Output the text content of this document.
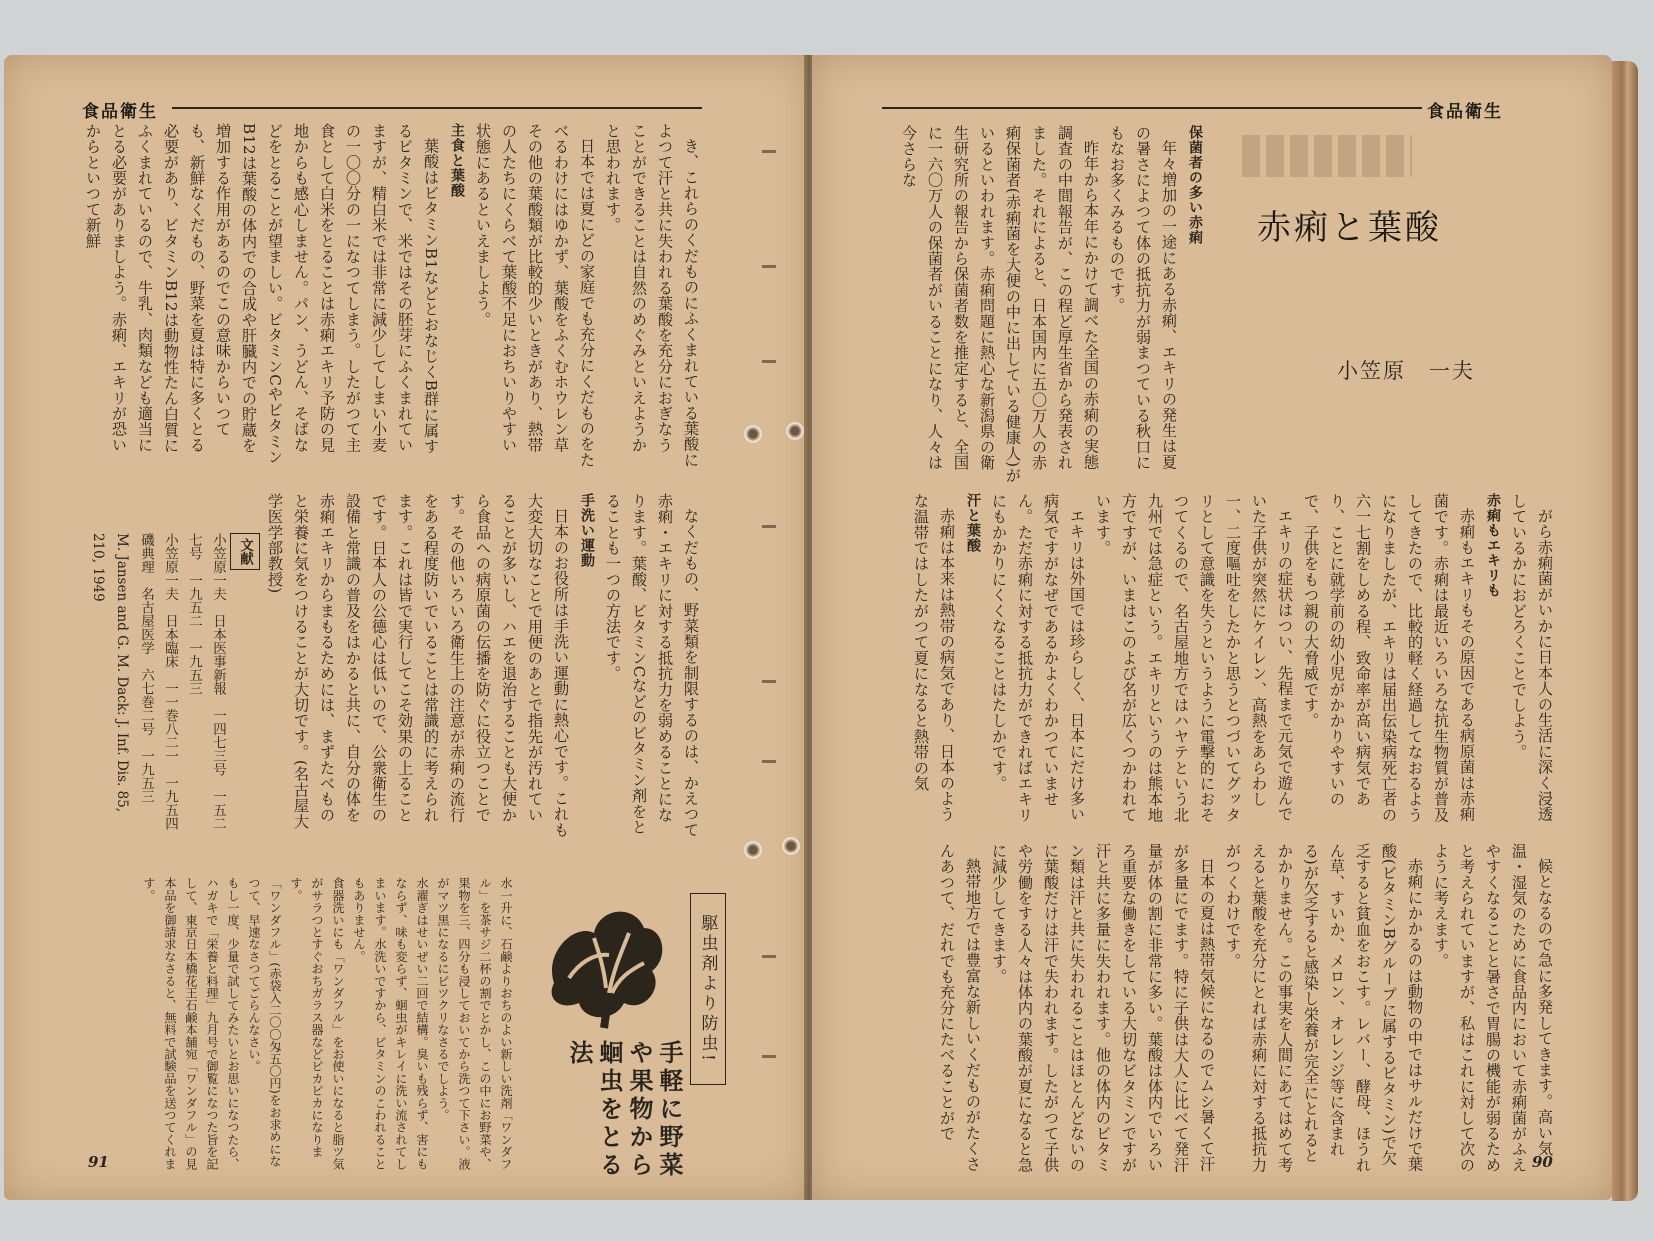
食品衛生

き、これらのくだものにふくまれている葉酸によつて汗と共に失われる葉酸を充分におぎなうことができることは自然のめぐみといえようかと思われます。

日本では夏にどの家庭でも充分にくだものをたべるわけにはゆかず、葉酸をふくむホウレン草その他の葉酸類が比較的少いときがあり、熱帯の人たちにくらべて葉酸不足におちいりやすい状態にあるといえましよう。

主食と葉酸

葉酸はビタミンB1などとおなじくB群に属するビタミンで、米ではその胚芽にふくまれていますが、精白米では非常に減少してしまい小麦の一〇〇分の一になつてしまう。したがつて主食として白米をとることは赤痢エキリ予防の見地からも感心しません。パン、うどん、そばなどをとることが望ましい。ビタミンCやビタミンB12は葉酸の体内での合成や肝臓内での貯蔵を増加する作用があるのでこの意味からいつても、新鮮なくだもの、野菜を夏は特に多くとる必要があり、ビタミンB12は動物性たん白質にふくまれているので、牛乳、肉類なども適当にとる必要がありましよう。赤痢、エキリが恐いからといつて新鮮

なくだもの、野菜類を制限するのは、かえつて赤痢・エキリに対する抵抗力を弱めることになります。葉酸、ビタミンCなどのビタミン剤をとることも一つの方法です。

手洗い運動

日本のお役所は手洗い運動に熱心です。これも大変大切なことで用便のあとで指先が汚れていることが多いし、ハエを退治することも大便から食品への病原菌の伝播を防ぐに役立つことです。その他いろいろ衛生上の注意が赤痢の流行をある程度防いでいることは常識的に考えられます。これは皆で実行してこそ効果の上ることです。日本人の公德心は低いので、公衆衛生の設備と常識の普及をはかると共に、自分の体を赤痢エキリからまもるためには、まずたべものと栄養に気をつけることが大切です。(名古屋大学医学部教授)

文献
小笠原一夫　日本医事新報　一四七三号　一五二七号　一九五二　一九五三
小笠原一夫　日本臨床　一一巻八二一　一九五四
磯典理　名古屋医学　六七巻二号　一九五三
M. Jansen and G. M. Dack: J. Inf. Dis. 85, 210, 1949
駆虫剤より防虫!
手軽に野菜や果物から蛔虫をとる法

水一升に、石鹸よりおちのよい新しい洗剤「ワンダフル」を茶サジ二杯の割でとかし、この中にお野菜や、果物を三、四分も浸しておいてから洗つて下さい。液がマツ黒になるにビツクリなさるでしよう。

水濯ぎはせいぜい二回で結構。臭いも残らず、害にもならず、味も変らず、蛔虫がキレイに洗い流されてしまいます。水洗いですから、ビタミンのこわれることもありません。

食器洗いにも「ワンダフル」をお使いになると脂ツ気がサラつとすぐおちガラス器などピカピカになります。

「ワンダフル」(赤袋入二〇〇匁五〇円)をお求めになつて、早速なさつてごらんなさい。

もし一度、少量で試してみたいとお思いになつたら、ハガキで「栄養と料理」九月号で御覧になつた旨を記して、東京日本橋花王石鹸本舗宛「ワンダフル」の見本品を御請求なさると、無料で試験品を送つてくれます。

91
食品衛生
赤痢と葉酸
小笠原　一夫
保菌者の多い赤痢

年々増加の一途にある赤痢、エキリの発生は夏の暑さによつて体の抵抗力が弱まつている秋口にもなお多くみるものです。

昨年から本年にかけて調べた全国の赤痢の実態調査の中間報告が、この程ど厚生省から発表されました。それによると、日本国内に五〇万人の赤痢保菌者(赤痢菌を大便の中に出している健康人)がいるといわれます。赤痢問題に熱心な新潟県の衛生研究所の報告から保菌者数を推定すると、全国に一六〇万人の保菌者がいることになり、人々は今さらな

がら赤痢菌がいかに日本人の生活に深く浸透しているかにおどろくことでしよう。

赤痢もエキリも

赤痢もエキリもその原因である病原菌は赤痢菌です。赤痢は最近いろいろな抗生物質が普及してきたので、比較的軽く経過してなおるようになりましたが、エキリは届出伝染病死亡者の六一七割をしめる程、致命率が高い病気であり、ことに就学前の幼小児がかかりやすいので、子供をもつ親の大脅威です。

エキリの症状はつい、先程まで元気で遊んでいた子供が突然にケイレン、高熱をあらわし一、二度嘔吐をしたかと思うとつづいてグッタリとして意識を失うというように電撃的におそつてくるので、名古屋地方ではハヤテという北九州では急症という。エキリというのは熊本地方ですが、いまはこのよび名が広くつかわれています。

エキリは外国では珍らしく、日本にだけ多い病気ですがなぜであるかよくわかつていません。ただ赤痢に対する抵抗力ができればエキリにもかかりにくくなることはたしかです。

汗と葉酸

赤痢は本来は熱帯の病気であり、日本のような温帯ではしたがつて夏になると熱帯の気

候となるので急に多発してきます。高い気温・湿気のために食品内において赤痢菌がふえやすくなることと暑さで胃腸の機能が弱るためと考えられていますが、私はこれに対して次のように考えます。

赤痢にかかるのは動物の中ではサルだけで葉酸(ビタミンBグループに属するビタミン)で欠乏すると貧血をおこす。レバー、酵母、ほうれん草、すいか、メロン、オレンジ等に含まれる)が欠乏すると感染し栄養が完全にとれるとかかりません。この事実を人間にあてはめて考えると葉酸を充分にとれば赤痢に対する抵抗力がつくわけです。

日本の夏は熱帯気候になるのでムシ暑くて汗が多量にでます。特に子供は大人に比べて発汗量が体の割に非常に多い。葉酸は体内でいろいろ重要な働きをしている大切なビタミンですが汗と共に多量に失われます。他の体内のビタミン類は汗と共に失われることはほとんどないのに葉酸だけは汗で失われます。したがつて子供や労働をする人々は体内の葉酸が夏になると急に減少してきます。

熱帯地方では豊富な新しいくだものがたくさんあつて、だれでも充分にたべることがで

90
